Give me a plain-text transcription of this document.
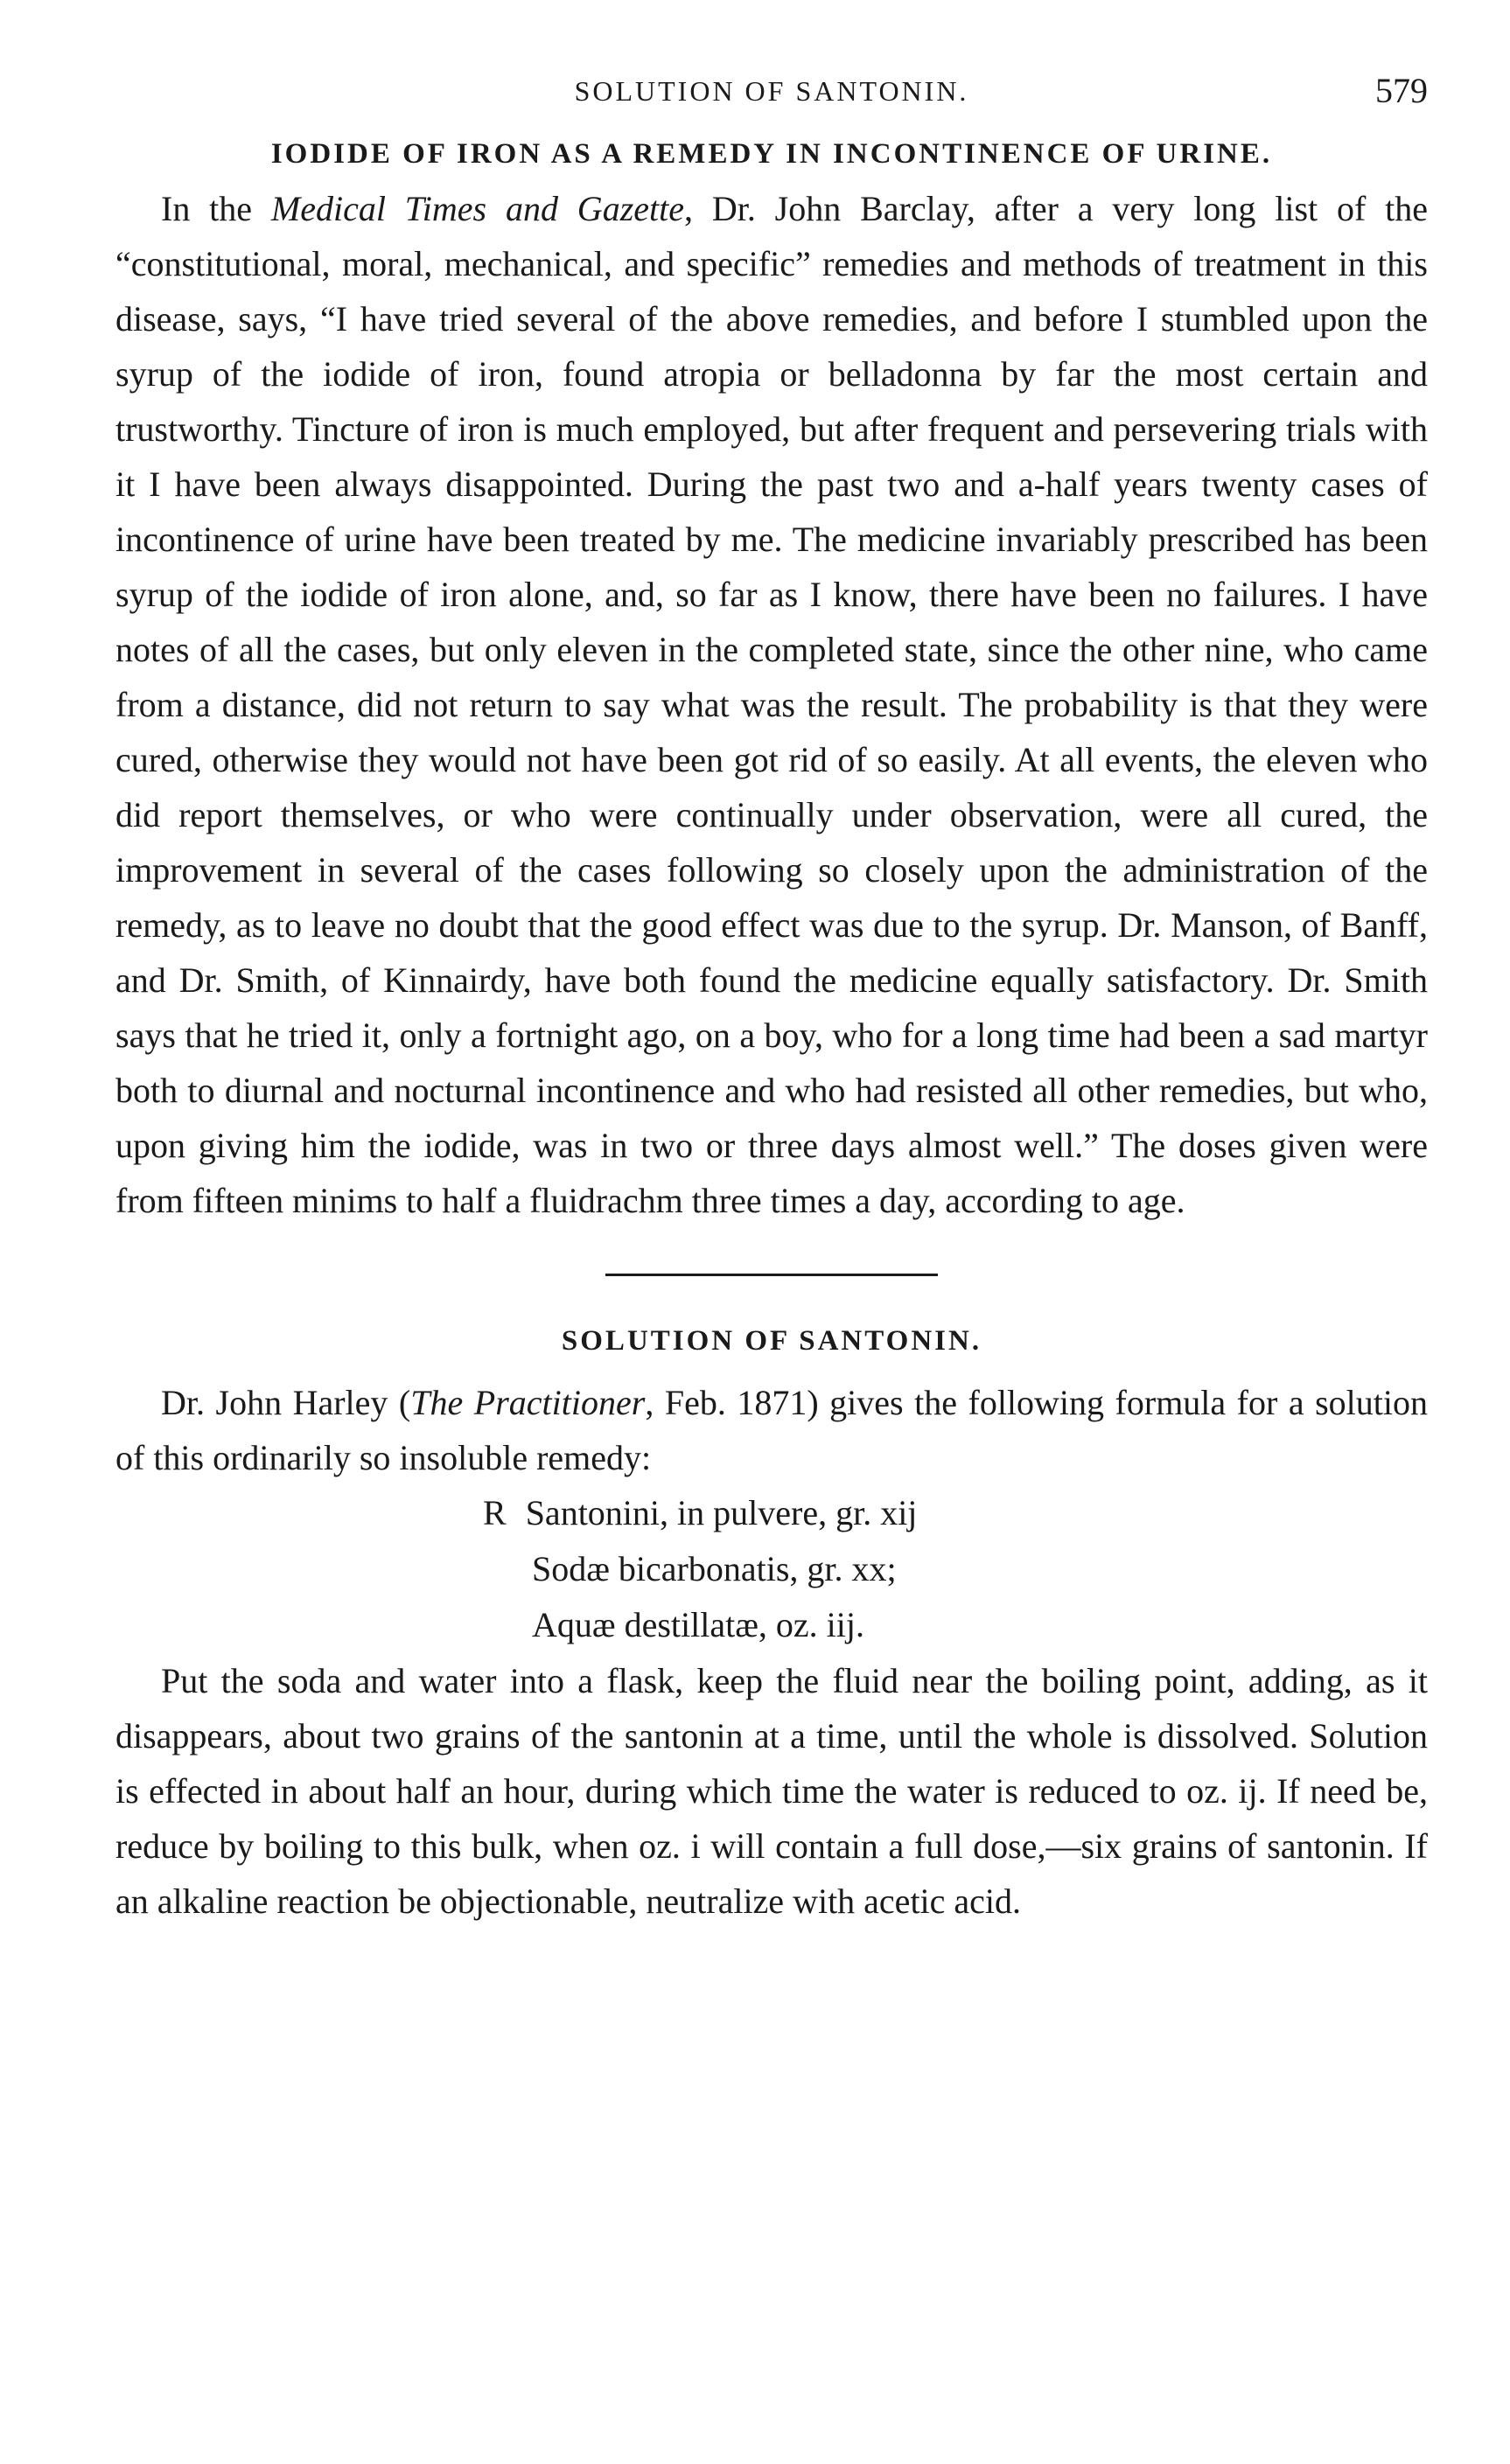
SOLUTION OF SANTONIN.	579
IODIDE OF IRON AS A REMEDY IN INCONTINENCE OF URINE.

In the Medical Times and Gazette, Dr. John Barclay, after a very long list of the “constitutional, moral, mechanical, and specific” remedies and methods of treatment in this disease, says, “I have tried several of the above remedies, and before I stumbled upon the syrup of the iodide of iron, found atropia or belladonna by far the most certain and trustworthy. Tincture of iron is much employed, but after frequent and persevering trials with it I have been always disappointed. During the past two and a-half years twenty cases of incontinence of urine have been treated by me. The medicine invariably prescribed has been syrup of the iodide of iron alone, and, so far as I know, there have been no failures. I have notes of all the cases, but only eleven in the completed state, since the other nine, who came from a distance, did not return to say what was the result. The probability is that they were cured, otherwise they would not have been got rid of so easily. At all events, the eleven who did report themselves, or who were continually under observation, were all cured, the improvement in several of the cases following so closely upon the administration of the remedy, as to leave no doubt that the good effect was due to the syrup. Dr. Manson, of Banff, and Dr. Smith, of Kinnairdy, have both found the medicine equally satisfactory. Dr. Smith says that he tried it, only a fortnight ago, on a boy, who for a long time had been a sad martyr both to diurnal and nocturnal incontinence and who had resisted all other remedies, but who, upon giving him the iodide, was in two or three days almost well.” The doses given were from fifteen minims to half a fluidrachm three times a day, according to age.

SOLUTION OF SANTONIN.

Dr. John Harley (The Practitioner, Feb. 1871) gives the following formula for a solution of this ordinarily so insoluble remedy:

R Santonini, in pulvere, gr. xij
Sodæ bicarbonatis, gr. xx;
Aquæ destillatæ, oz. iij.

Put the soda and water into a flask, keep the fluid near the boiling point, adding, as it disappears, about two grains of the santonin at a time, until the whole is dissolved. Solution is effected in about half an hour, during which time the water is reduced to oz. ij. If need be, reduce by boiling to this bulk, when oz. i will contain a full dose,—six grains of santonin. If an alkaline reaction be objectionable, neutralize with acetic acid.
